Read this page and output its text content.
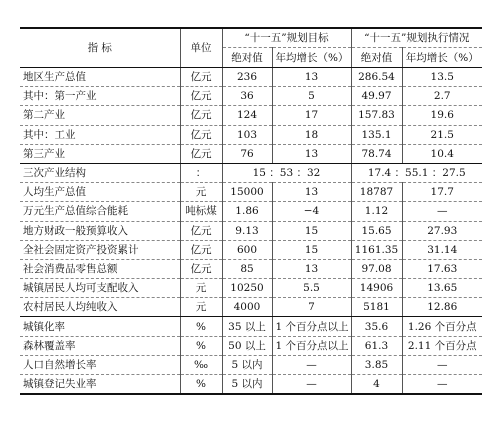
指 标	单位	“十一五”规划目标		“十一五”规划执行情况	
		绝对值	年均增长（%）	绝对值	年均增长（%）
地区生产总值	亿元	236	13	286.54	13.5
其中：第一产业	亿元	36	5	49.97	2.7
第二产业	亿元	124	17	157.83	19.6
其中：工业	亿元	103	18	135.1	21.5
第三产业	亿元	76	13	78.74	10.4
三次产业结构	：	15 ：53 ：32		17.4 ：55.1 ：27.5	
人均生产总值	元	15000	13	18787	17.7
万元生产总值综合能耗	吨标煤	1.86	−4	1.12	—
地方财政一般预算收入	亿元	9.13	15	15.65	27.93
全社会固定资产投资累计	亿元	600	15	1161.35	31.14
社会消费品零售总额	亿元	85	13	97.08	17.63
城镇居民人均可支配收入	元	10250	5.5	14906	13.65
农村居民人均纯收入	元	4000	7	5181	12.86
城镇化率	%	35 以上	1 个百分点以上	35.6	1.26 个百分点
森林覆盖率	%	50 以上	1 个百分点以上	61.3	2.11 个百分点
人口自然增长率	‰	5 以内	—	3.85	—
城镇登记失业率	%	5 以内	—	4	—
